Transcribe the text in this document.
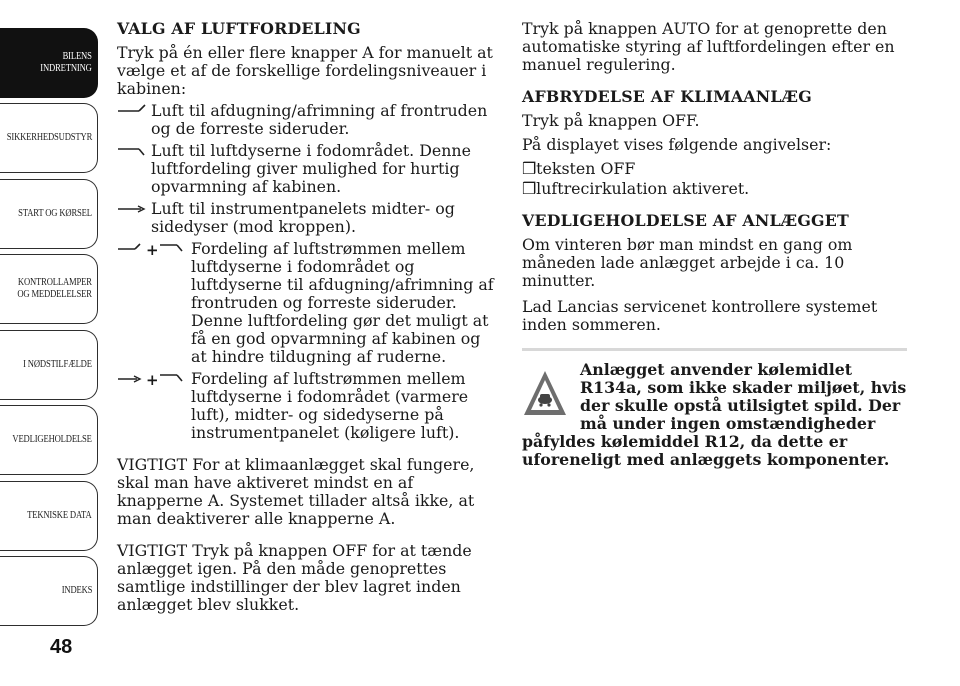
BILENS
INDRETNING
SIKKERHEDSUDSTYR
START OG KØRSEL
KONTROLLAMPER
OG MEDDELELSER
I NØDSTILFÆLDE
VEDLIGEHOLDELSE
TEKNISKE DATA
INDEKS
48
VALG AF LUFTFORDELING

Tryk på én eller flere knapper A for manuelt at vælge et af de forskellige fordelingsniveauer i kabinen:

Luft til afdugning/afrimning af frontruden og de forreste sideruder.
Luft til luftdyserne i fodområdet. Denne luftfordeling giver mulighed for hurtig opvarmning af kabinen.
Luft til instrumentpanelets midter- og sidedyser (mod kroppen).
+ Fordeling af luftstrømmen mellem luftdyserne i fodområdet og luftdyserne til afdugning/afrimning af frontruden og forreste sideruder. Denne luftfordeling gør det muligt at få en god opvarmning af kabinen og at hindre tildugning af ruderne.
+ Fordeling af luftstrømmen mellem luftdyserne i fodområdet (varmere luft), midter- og sidedyserne på instrumentpanelet (køligere luft).

VIGTIGT For at klimaanlægget skal fungere, skal man have aktiveret mindst en af knapperne A. Systemet tillader altså ikke, at man deaktiverer alle knapperne A.

VIGTIGT Tryk på knappen OFF for at tænde anlægget igen. På den måde genoprettes samtlige indstillinger der blev lagret inden anlægget blev slukket.

Tryk på knappen AUTO for at genoprette den automatiske styring af luftfordelingen efter en manuel regulering.

AFBRYDELSE AF KLIMAANLÆG

Tryk på knappen OFF.

På displayet vises følgende angivelser:

❒ teksten OFF
❒ luftrecirkulation aktiveret.
VEDLIGEHOLDELSE AF ANLÆGGET

Om vinteren bør man mindst en gang om måneden lade anlægget arbejde i ca. 10 minutter.

Lad Lancias servicenet kontrollere systemet inden sommeren.

Anlægget anvender kølemidlet R134a, som ikke skader miljøet, hvis der skulle opstå utilsigtet spild. Der må under ingen omstændigheder påfyldes kølemiddel R12, da dette er uforeneligt med anlæggets komponenter.
